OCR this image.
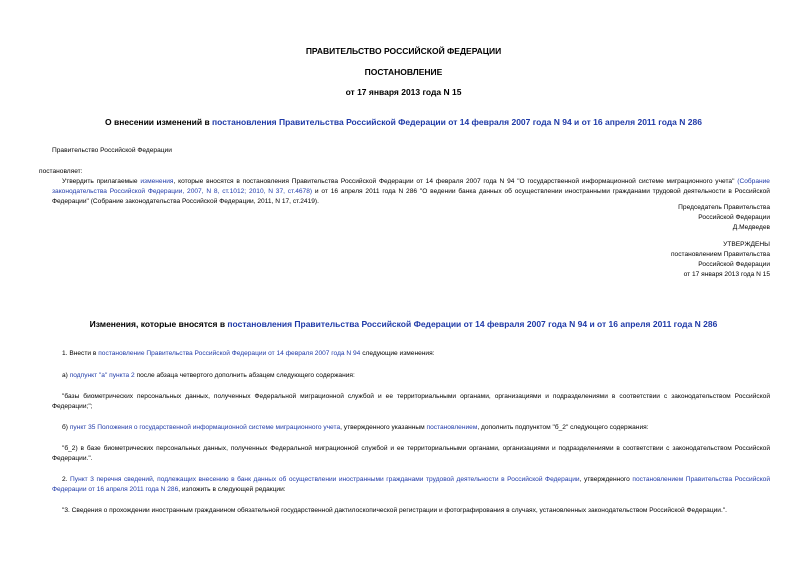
ПРАВИТЕЛЬСТВО РОССИЙСКОЙ ФЕДЕРАЦИИ
ПОСТАНОВЛЕНИЕ
от 17 января 2013 года N 15
О внесении изменений в постановления Правительства Российской Федерации от 14 февраля 2007 года N 94 и от 16 апреля 2011 года N 286
Правительство Российской Федерации
постановляет:
Утвердить прилагаемые изменения, которые вносятся в постановления Правительства Российской Федерации от 14 февраля 2007 года N 94 "О государственной информационной системе миграционного учета" (Собрание законодательства Российской Федерации, 2007, N 8, ст.1012; 2010, N 37, ст.4678) и от 16 апреля 2011 года N 286 "О ведении банка данных об осуществлении иностранными гражданами трудовой деятельности в Российской Федерации" (Собрание законодательства Российской Федерации, 2011, N 17, ст.2419).
Председатель Правительства
Российской Федерации
Д.Медведев
УТВЕРЖДЕНЫ
постановлением Правительства
Российской Федерации
от 17 января 2013 года N 15
Изменения, которые вносятся в постановления Правительства Российской Федерации от 14 февраля 2007 года N 94 и от 16 апреля 2011 года N 286
1. Внести в постановление Правительства Российской Федерации от 14 февраля 2007 года N 94 следующие изменения:
а) подпункт "а" пункта 2 после абзаца четвертого дополнить абзацем следующего содержания:
"базы биометрических персональных данных, полученных Федеральной миграционной службой и ее территориальными органами, организациями и подразделениями в соответствии с законодательством Российской Федерации;";
б) пункт 35 Положения о государственной информационной системе миграционного учета, утвержденного указанным постановлением, дополнить подпунктом "б_2" следующего содержания:
"б_2) в базе биометрических персональных данных, полученных Федеральной миграционной службой и ее территориальными органами, организациями и подразделениями в соответствии с законодательством Российской Федерации.".
2. Пункт 3 перечня сведений, подлежащих внесению в банк данных об осуществлении иностранными гражданами трудовой деятельности в Российской Федерации, утвержденного постановлением Правительства Российской Федерации от 16 апреля 2011 года N 286, изложить в следующей редакции:
"3. Сведения о прохождении иностранным гражданином обязательной государственной дактилоскопической регистрации и фотографирования в случаях, установленных законодательством Российской Федерации.".
